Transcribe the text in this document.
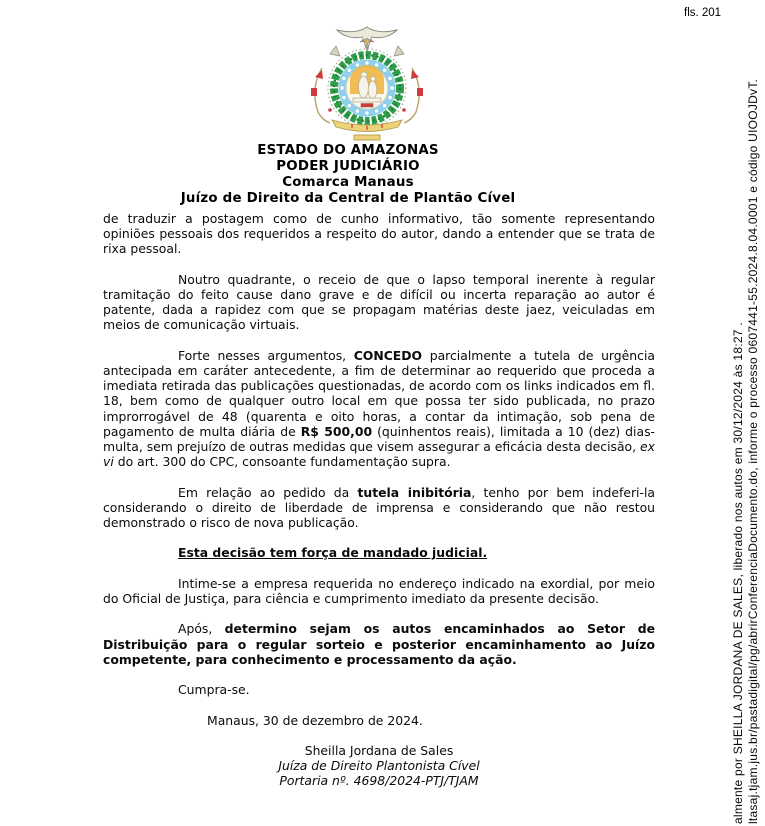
fls. 201
ESTADO DO AMAZONAS
PODER JUDICIÁRIO
Comarca Manaus
Juízo de Direito da Central de Plantão Cível

de traduzir a postagem como de cunho informativo, tão somente representando opiniões pessoais dos requeridos a respeito do autor, dando a entender que se trata de rixa pessoal.

Noutro quadrante, o receio de que o lapso temporal inerente à regular tramitação do feito cause dano grave e de difícil ou incerta reparação ao autor é patente, dada a rapidez com que se propagam matérias deste jaez, veiculadas em meios de comunicação virtuais.

Forte nesses argumentos, CONCEDO parcialmente a tutela de urgência antecipada em caráter antecedente, a fim de determinar ao requerido que proceda a imediata retirada das publicações questionadas, de acordo com os links indicados em fl. 18, bem como de qualquer outro local em que possa ter sido publicada, no prazo improrrogável de 48 (quarenta e oito horas, a contar da intimação, sob pena de pagamento de multa diária de R$ 500,00 (quinhentos reais), limitada a 10 (dez) dias-multa, sem prejuízo de outras medidas que visem assegurar a eficácia desta decisão, ex vi do art. 300 do CPC, consoante fundamentação supra.

Em relação ao pedido da tutela inibitória, tenho por bem indeferi-la considerando o direito de liberdade de imprensa e considerando que não restou demonstrado o risco de nova publicação.

Esta decisão tem força de mandado judicial.

Intime-se a empresa requerida no endereço indicado na exordial, por meio do Oficial de Justiça, para ciência e cumprimento imediato da presente decisão.

Após, determino sejam os autos encaminhados ao Setor de Distribuição para o regular sorteio e posterior encaminhamento ao Juízo competente, para conhecimento e processamento da ação.

Cumpra-se.

Manaus, 30 de dezembro de 2024.

Sheilla Jordana de Sales
Juíza de Direito Plantonista Cível
Portaria nº. 4698/2024-PTJ/TJAM	almente por SHEILLA JORDANA DE SALES, liberado nos autos em 30/12/2024 às 18:27 . ltasaj.tjam.jus.br/pastadigital/pg/abrirConferenciaDocumento.do, informe o processo 0607441-55.2024.8.04.0001 e código UIOOJDvT.
